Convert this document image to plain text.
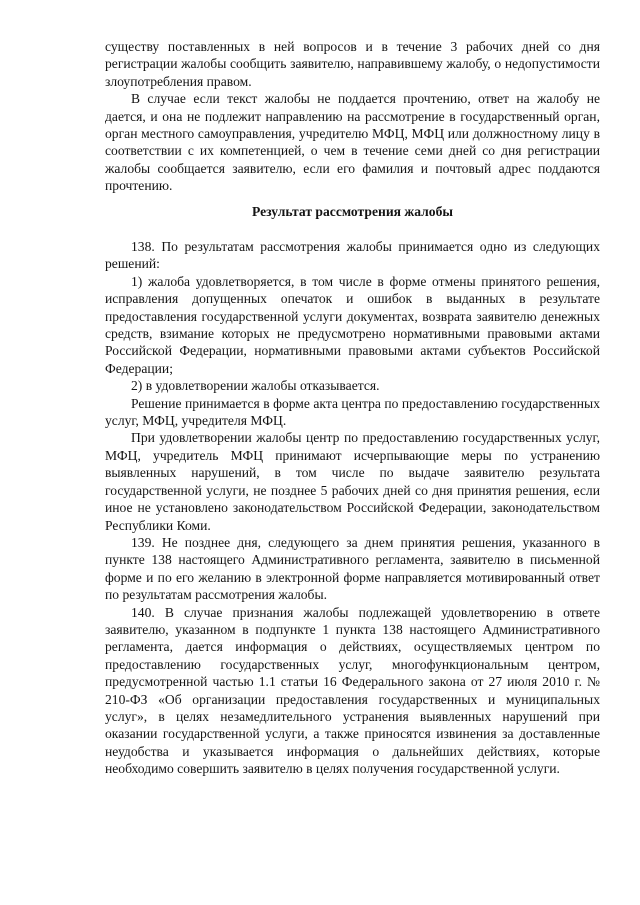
существу поставленных в ней вопросов и в течение 3 рабочих дней со дня регистрации жалобы сообщить заявителю, направившему жалобу, о недопустимости злоупотребления правом.

В случае если текст жалобы не поддается прочтению, ответ на жалобу не дается, и она не подлежит направлению на рассмотрение в государственный орган, орган местного самоуправления, учредителю МФЦ, МФЦ или должностному лицу в соответствии с их компетенцией, о чем в течение семи дней со дня регистрации жалобы сообщается заявителю, если его фамилия и почтовый адрес поддаются прочтению.

Результат рассмотрения жалобы

138. По результатам рассмотрения жалобы принимается одно из следующих решений:

1) жалоба удовлетворяется, в том числе в форме отмены принятого решения, исправления допущенных опечаток и ошибок в выданных в результате предоставления государственной услуги документах, возврата заявителю денежных средств, взимание которых не предусмотрено нормативными правовыми актами Российской Федерации, нормативными правовыми актами субъектов Российской Федерации;

2) в удовлетворении жалобы отказывается.

Решение принимается в форме акта центра по предоставлению государственных услуг, МФЦ, учредителя МФЦ.

При удовлетворении жалобы центр по предоставлению государственных услуг, МФЦ, учредитель МФЦ принимают исчерпывающие меры по устранению выявленных нарушений, в том числе по выдаче заявителю результата государственной услуги, не позднее 5 рабочих дней со дня принятия решения, если иное не установлено законодательством Российской Федерации, законодательством Республики Коми.

139. Не позднее дня, следующего за днем принятия решения, указанного в пункте 138 настоящего Административного регламента, заявителю в письменной форме и по его желанию в электронной форме направляется мотивированный ответ по результатам рассмотрения жалобы.

140. В случае признания жалобы подлежащей удовлетворению в ответе заявителю, указанном в подпункте 1 пункта 138 настоящего Административного регламента, дается информация о действиях, осуществляемых центром по предоставлению государственных услуг, многофункциональным центром, предусмотренной частью 1.1 статьи 16 Федерального закона от 27 июля 2010 г. № 210-ФЗ «Об организации предоставления государственных и муниципальных услуг», в целях незамедлительного устранения выявленных нарушений при оказании государственной услуги, а также приносятся извинения за доставленные неудобства и указывается информация о дальнейших действиях, которые необходимо совершить заявителю в целях получения государственной услуги.
